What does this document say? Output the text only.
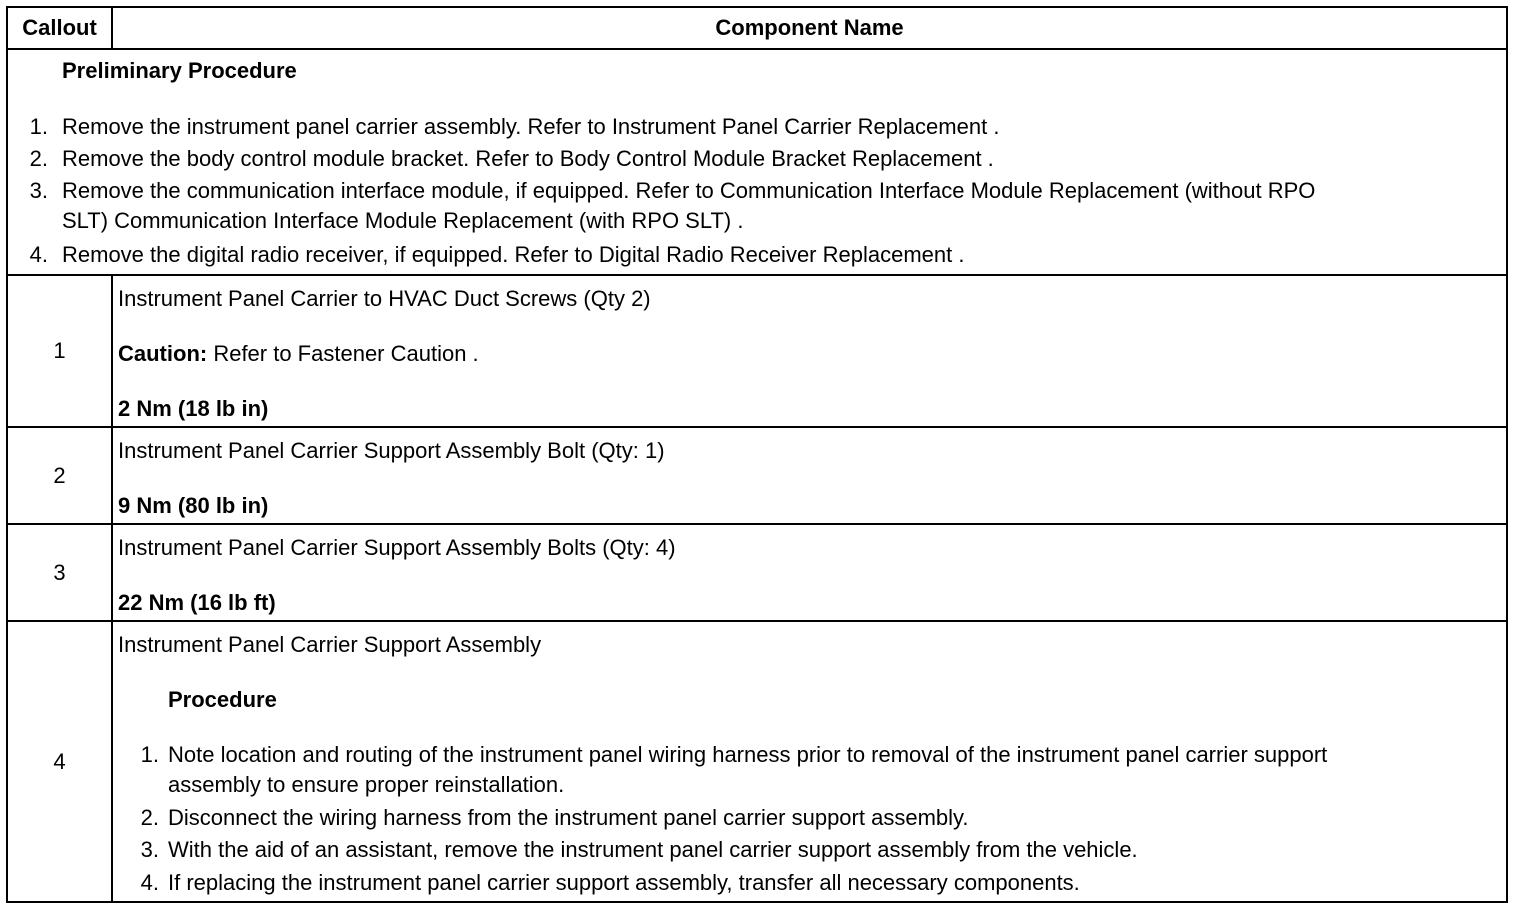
Callout	Component Name
Preliminary Procedure
1. Remove the instrument panel carrier assembly. Refer to Instrument Panel Carrier Replacement .
2. Remove the body control module bracket. Refer to Body Control Module Bracket Replacement .
3. Remove the communication interface module, if equipped. Refer to Communication Interface Module Replacement (without RPO
SLT) Communication Interface Module Replacement (with RPO SLT) .
4. Remove the digital radio receiver, if equipped. Refer to Digital Radio Receiver Replacement .
1
Instrument Panel Carrier to HVAC Duct Screws (Qty 2)
Caution: Refer to Fastener Caution .
2 Nm (18 lb in)
2
Instrument Panel Carrier Support Assembly Bolt (Qty: 1)
9 Nm (80 lb in)
3
Instrument Panel Carrier Support Assembly Bolts (Qty: 4)
22 Nm (16 lb ft)
4
Instrument Panel Carrier Support Assembly
Procedure
1. Note location and routing of the instrument panel wiring harness prior to removal of the instrument panel carrier support
assembly to ensure proper reinstallation.
2. Disconnect the wiring harness from the instrument panel carrier support assembly.
3. With the aid of an assistant, remove the instrument panel carrier support assembly from the vehicle.
4. If replacing the instrument panel carrier support assembly, transfer all necessary components.
